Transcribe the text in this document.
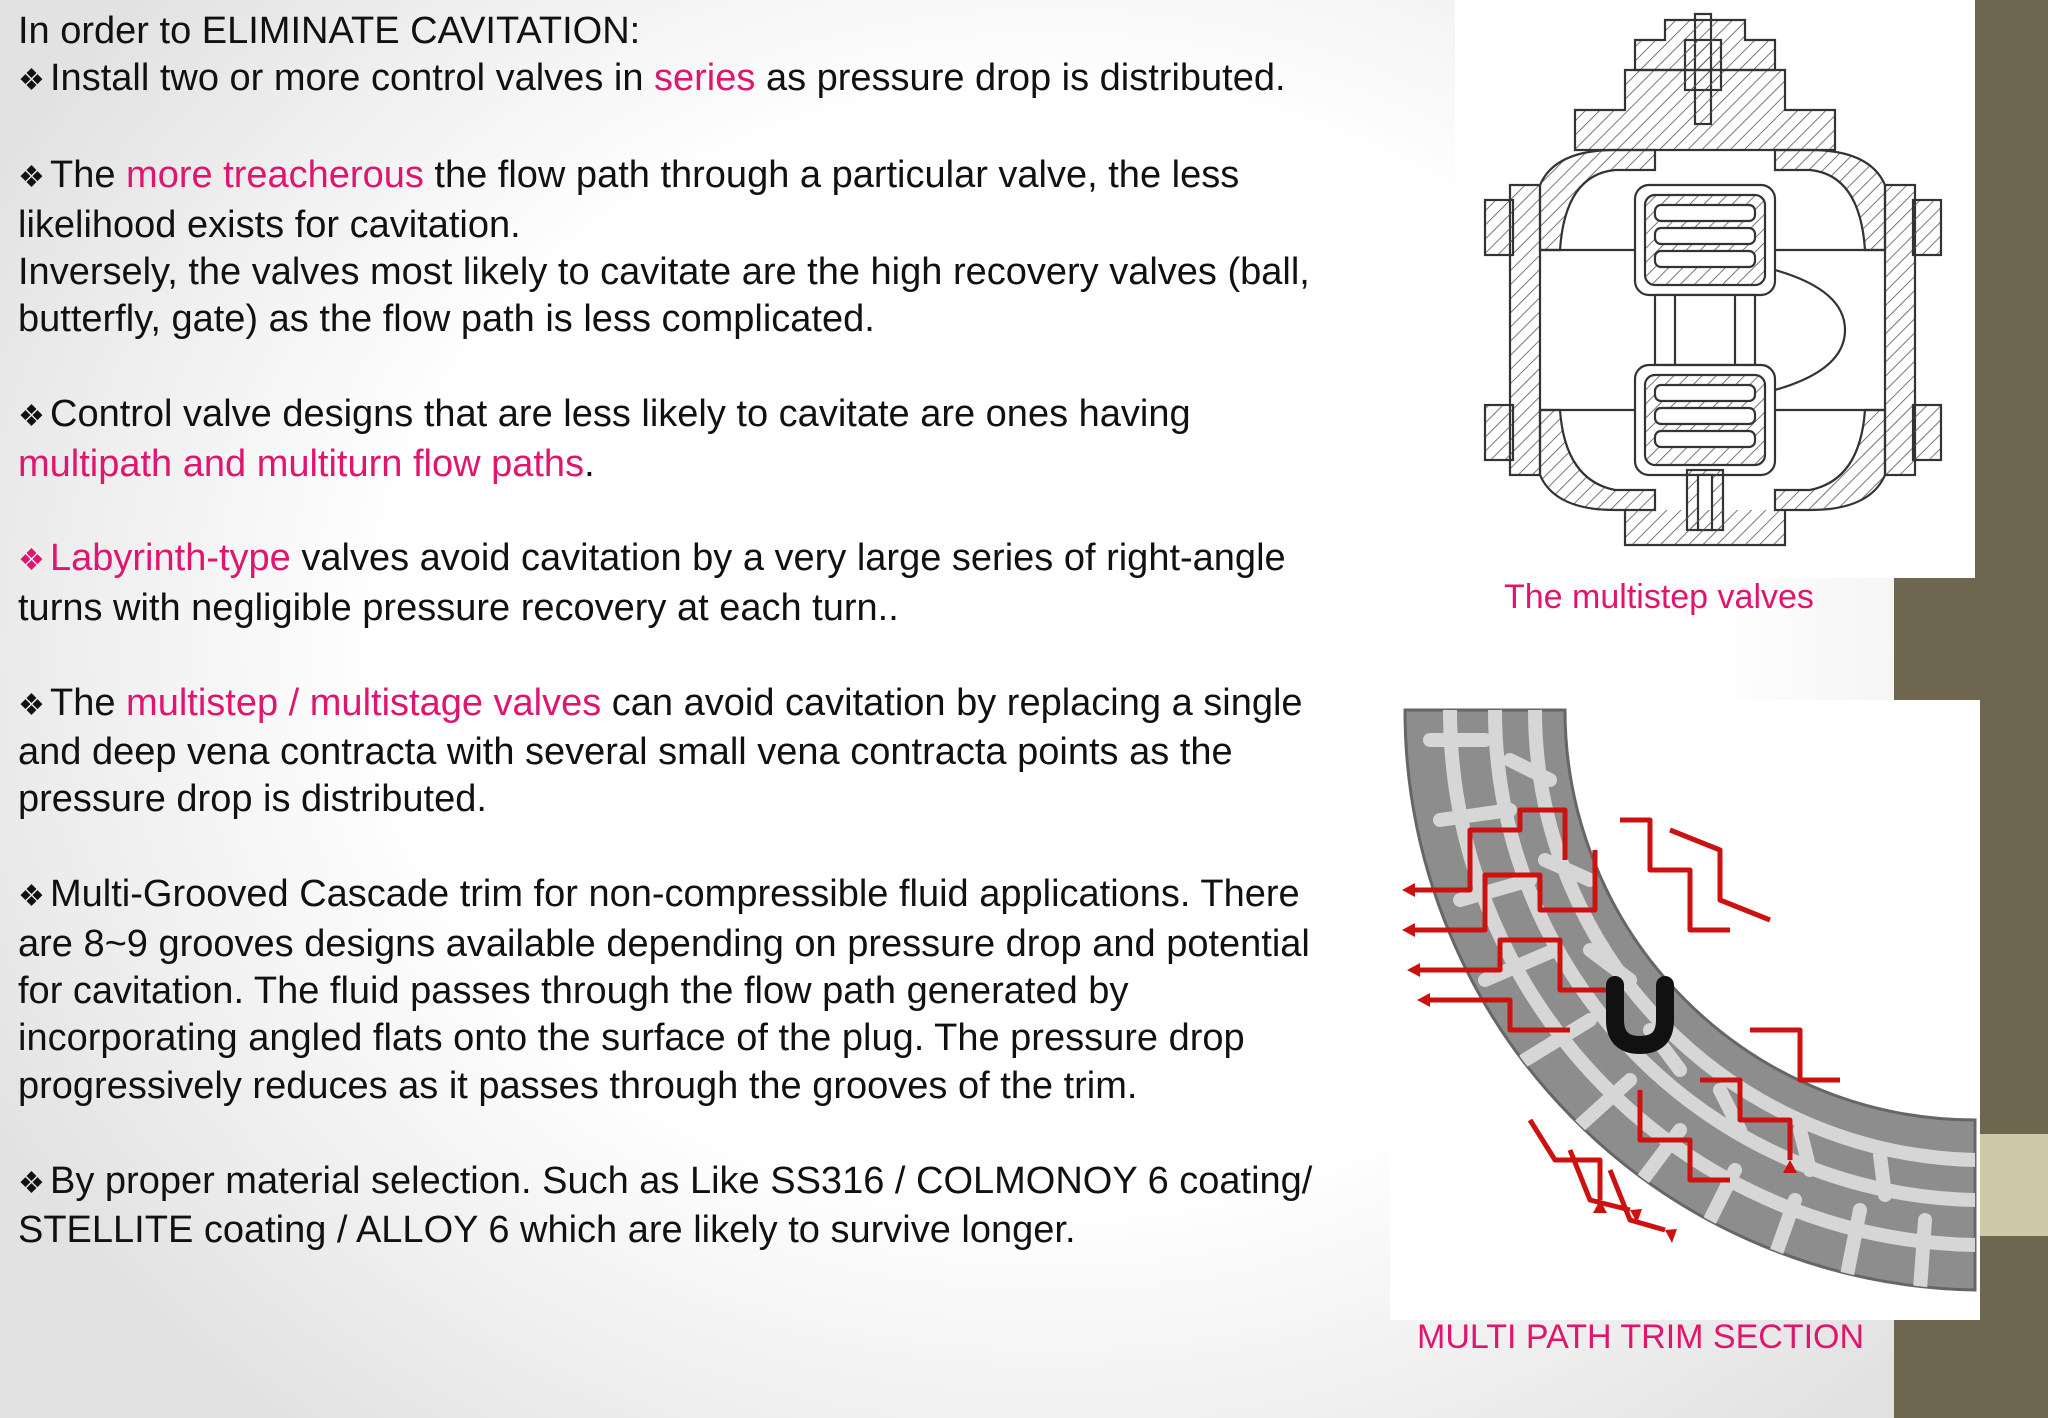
In order to ELIMINATE CAVITATION:
❖ Install two or more control valves in series as pressure drop is distributed.
❖ The more treacherous the flow path through a particular valve, the less
likelihood exists for cavitation.
Inversely, the valves most likely to cavitate are the high recovery valves (ball,
butterfly, gate) as the flow path is less complicated.
❖ Control valve designs that are less likely to cavitate are ones having
multipath and multiturn flow paths.
❖ Labyrinth-type valves avoid cavitation by a very large series of right-angle
turns with negligible pressure recovery at each turn..
❖ The multistep / multistage valves can avoid cavitation by replacing a single
and deep vena contracta with several small vena contracta points as the
pressure drop is distributed.
❖ Multi-Grooved Cascade trim for non-compressible fluid applications. There
are 8~9 grooves designs available depending on pressure drop and potential
for cavitation. The fluid passes through the flow path generated by
incorporating angled flats onto the surface of the plug. The pressure drop
progressively reduces as it passes through the grooves of the trim.
❖ By proper material selection. Such as Like SS316 / COLMONOY 6 coating/
STELLITE coating / ALLOY 6 which are likely to survive longer.
The multistep valves
MULTI PATH TRIM SECTION
